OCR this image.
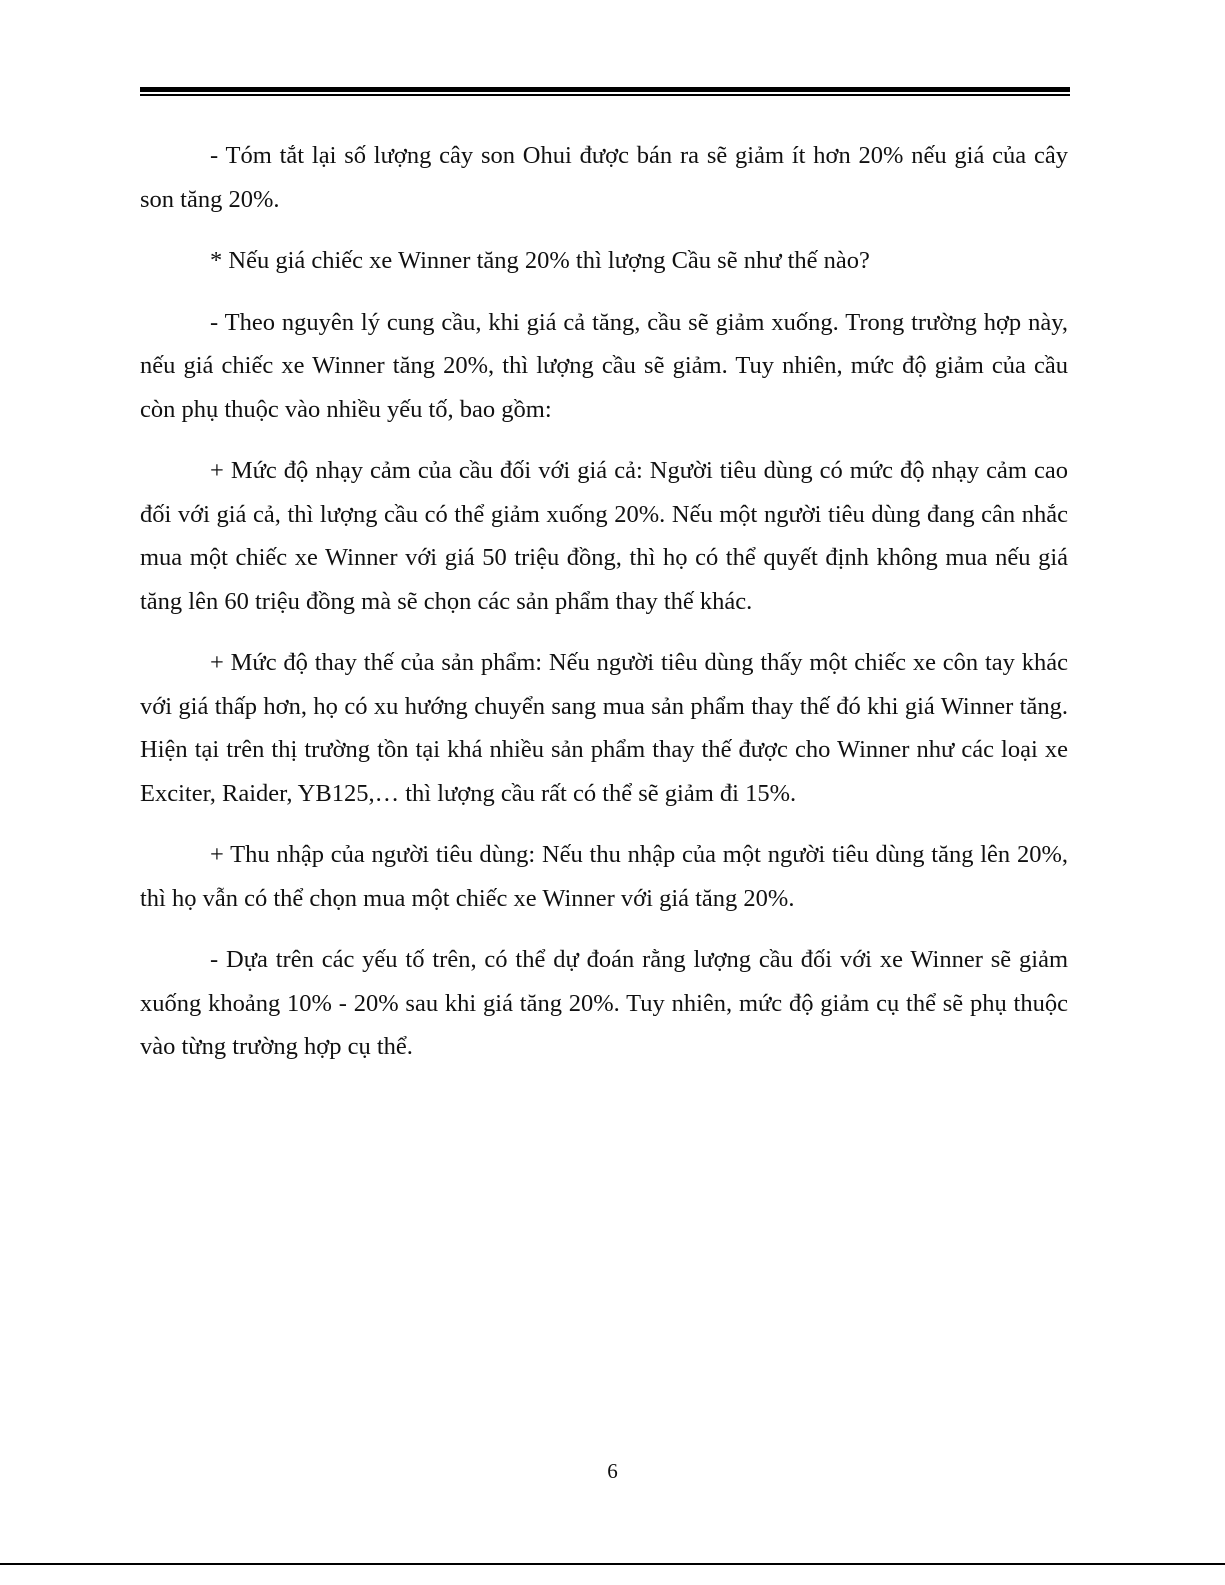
- Tóm tắt lại số lượng cây son Ohui được bán ra sẽ giảm ít hơn 20% nếu giá của cây son tăng 20%.

* Nếu giá chiếc xe Winner tăng 20% thì lượng Cầu sẽ như thế nào?

- Theo nguyên lý cung cầu, khi giá cả tăng, cầu sẽ giảm xuống. Trong trường hợp này, nếu giá chiếc xe Winner tăng 20%, thì lượng cầu sẽ giảm. Tuy nhiên, mức độ giảm của cầu còn phụ thuộc vào nhiều yếu tố, bao gồm:

+ Mức độ nhạy cảm của cầu đối với giá cả: Người tiêu dùng có mức độ nhạy cảm cao đối với giá cả, thì lượng cầu có thể giảm xuống 20%. Nếu một người tiêu dùng đang cân nhắc mua một chiếc xe Winner với giá 50 triệu đồng, thì họ có thể quyết định không mua nếu giá tăng lên 60 triệu đồng mà sẽ chọn các sản phẩm thay thế khác.

+ Mức độ thay thế của sản phẩm: Nếu người tiêu dùng thấy một chiếc xe côn tay khác với giá thấp hơn, họ có xu hướng chuyển sang mua sản phẩm thay thế đó khi giá Winner tăng. Hiện tại trên thị trường tồn tại khá nhiều sản phẩm thay thế được cho Winner như các loại xe Exciter, Raider, YB125,… thì lượng cầu rất có thể sẽ giảm đi 15%.

+ Thu nhập của người tiêu dùng: Nếu thu nhập của một người tiêu dùng tăng lên 20%, thì họ vẫn có thể chọn mua một chiếc xe Winner với giá tăng 20%.

- Dựa trên các yếu tố trên, có thể dự đoán rằng lượng cầu đối với xe Winner sẽ giảm xuống khoảng 10% - 20% sau khi giá tăng 20%. Tuy nhiên, mức độ giảm cụ thể sẽ phụ thuộc vào từng trường hợp cụ thể.

6
